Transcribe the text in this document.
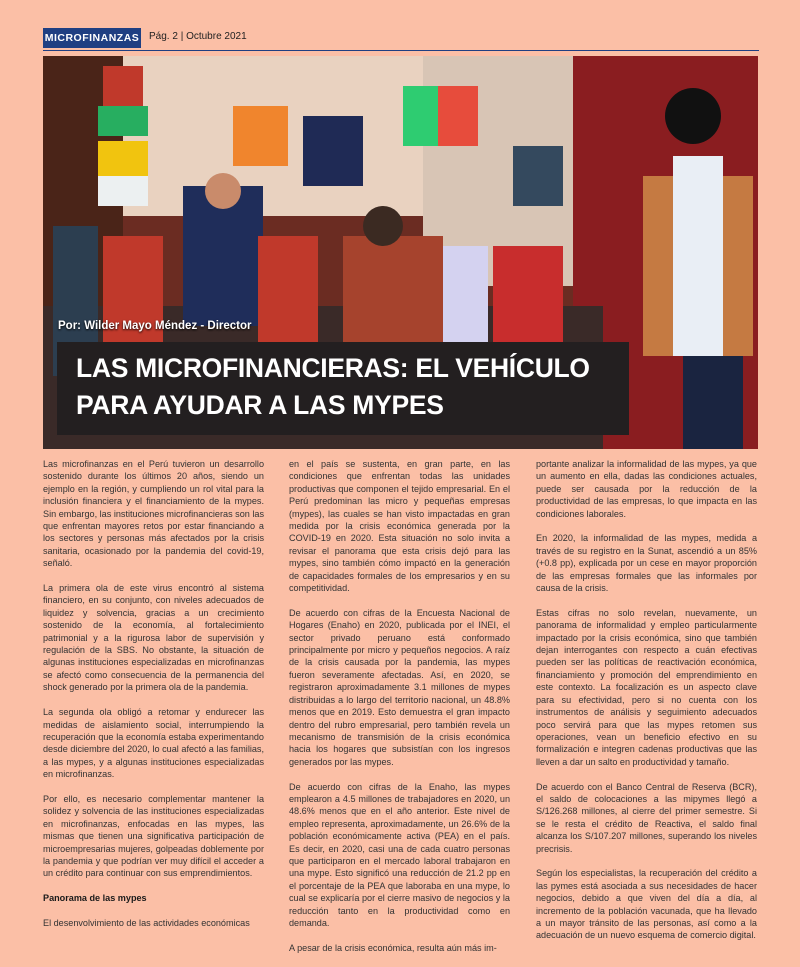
MICROFINANZAS Pág. 2 | Octubre 2021
Por: Wilder Mayo Méndez - Director
LAS MICROFINANCIERAS: EL VEHÍCULO PARA AYUDAR A LAS MYPES

Las microfinanzas en el Perú tuvieron un desarrollo sostenido durante los últimos 20 años, siendo un ejemplo en la región, y cumpliendo un rol vital para la inclusión financiera y el financiamiento de la mypes. Sin embargo, las instituciones microfinancieras son las que enfrentan mayores retos por estar financiando a los sectores y personas más afectados por la crisis sanitaria, ocasionado por la pandemia del covid-19, señaló.

La primera ola de este virus encontró al sistema financiero, en su conjunto, con niveles adecuados de liquidez y solvencia, gracias a un crecimiento sostenido de la economía, al fortalecimiento patrimonial y a la rigurosa labor de supervisión y regulación de la SBS. No obstante, la situación de algunas instituciones especializadas en microfinanzas se afectó como consecuencia de la permanencia del shock generado por la primera ola de la pandemia.

La segunda ola obligó a retomar y endurecer las medidas de aislamiento social, interrumpiendo la recuperación que la economía estaba experimentando desde diciembre del 2020, lo cual afectó a las familias, a las mypes, y a algunas instituciones especializadas en microfinanzas.

Por ello, es necesario complementar mantener la solidez y solvencia de las instituciones especializadas en microfinanzas, enfocadas en las mypes, las mismas que tienen una significativa participación de microempresarias mujeres, golpeadas doblemente por la pandemia y que podrían ver muy difícil el acceder a un crédito para continuar con sus emprendimientos.

Panorama de las mypes

El desenvolvimiento de las actividades económicas

en el país se sustenta, en gran parte, en las condiciones que enfrentan todas las unidades productivas que componen el tejido empresarial. En el Perú predominan las micro y pequeñas empresas (mypes), las cuales se han visto impactadas en gran medida por la crisis económica generada por la COVID-19 en 2020. Esta situación no solo invita a revisar el panorama que esta crisis dejó para las mypes, sino también cómo impactó en la generación de capacidades formales de los empresarios y en su competitividad.

De acuerdo con cifras de la Encuesta Nacional de Hogares (Enaho) en 2020, publicada por el INEI, el sector privado peruano está conformado principalmente por micro y pequeños negocios. A raíz de la crisis causada por la pandemia, las mypes fueron severamente afectadas. Así, en 2020, se registraron aproximadamente 3.1 millones de mypes distribuidas a lo largo del territorio nacional, un 48.8% menos que en 2019. Esto demuestra el gran impacto dentro del rubro empresarial, pero también revela un mecanismo de transmisión de la crisis económica hacia los hogares que subsistían con los ingresos generados por las mypes.

De acuerdo con cifras de la Enaho, las mypes emplearon a 4.5 millones de trabajadores en 2020, un 48.6% menos que en el año anterior. Este nivel de empleo representa, aproximadamente, un 26.6% de la población económicamente activa (PEA) en el país. Es decir, en 2020, casi una de cada cuatro personas que participaron en el mercado laboral trabajaron en una mype. Esto significó una reducción de 21.2 pp en el porcentaje de la PEA que laboraba en una mype, lo cual se explicaría por el cierre masivo de negocios y la reducción tanto en la productividad como en demanda.

A pesar de la crisis económica, resulta aún más im-

portante analizar la informalidad de las mypes, ya que un aumento en ella, dadas las condiciones actuales, puede ser causada por la reducción de la productividad de las empresas, lo que impacta en las condiciones laborales.

En 2020, la informalidad de las mypes, medida a través de su registro en la Sunat, ascendió a un 85% (+0.8 pp), explicada por un cese en mayor proporción de las empresas formales que las informales por causa de la crisis.

Estas cifras no solo revelan, nuevamente, un panorama de informalidad y empleo particularmente impactado por la crisis económica, sino que también dejan interrogantes con respecto a cuán efectivas pueden ser las políticas de reactivación económica, financiamiento y promoción del emprendimiento en este contexto. La focalización es un aspecto clave para su efectividad, pero si no cuenta con los instrumentos de análisis y seguimiento adecuados poco servirá para que las mypes retomen sus operaciones, vean un beneficio efectivo en su formalización e integren cadenas productivas que las lleven a dar un salto en productividad y tamaño.

De acuerdo con el Banco Central de Reserva (BCR), el saldo de colocaciones a las mipymes llegó a S/126.268 millones, al cierre del primer semestre. Si se le resta el crédito de Reactiva, el saldo final alcanza los S/107.207 millones, superando los niveles precrisis.

Según los especialistas, la recuperación del crédito a las pymes está asociada a sus necesidades de hacer negocios, debido a que viven del día a día, al incremento de la población vacunada, que ha llevado a un mayor tránsito de las personas, así como a la adecuación de un nuevo esquema de comercio digital.
